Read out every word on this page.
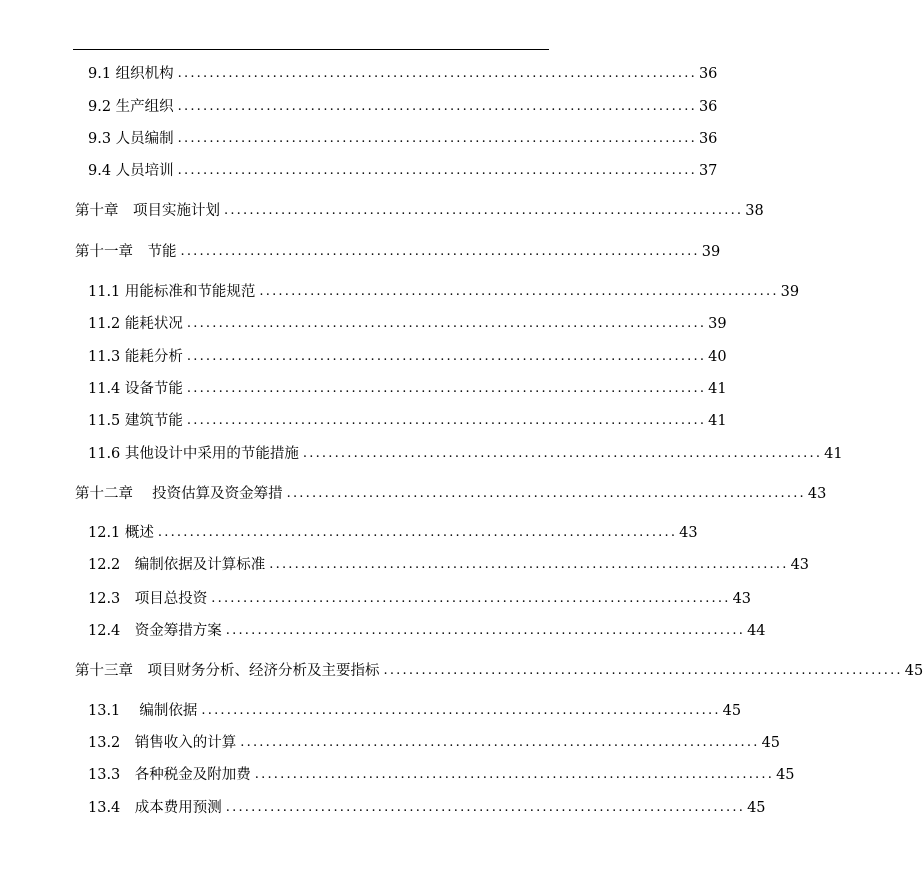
9.1 组织机构 .................................................................................. 36
9.2 生产组织 .................................................................................. 36
9.3 人员编制 .................................................................................. 36
9.4 人员培训 .................................................................................. 37
第十章　项目实施计划 .................................................................................. 38
第十一章　节能 .................................................................................. 39
11.1 用能标准和节能规范 .................................................................................. 39
11.2 能耗状况 .................................................................................. 39
11.3 能耗分析 .................................................................................. 40
11.4 设备节能 .................................................................................. 41
11.5 建筑节能 .................................................................................. 41
11.6 其他设计中采用的节能措施 .................................................................................. 41
第十二章　 投资估算及资金筹措 .................................................................................. 43
12.1 概述 .................................................................................. 43
12.2　编制依据及计算标准 .................................................................................. 43
12.3　项目总投资 .................................................................................. 43
12.4　资金筹措方案 .................................................................................. 44
第十三章　项目财务分析、经济分析及主要指标 .................................................................................. 45
13.1　 编制依据 .................................................................................. 45
13.2　销售收入的计算 .................................................................................. 45
13.3　各种税金及附加费 .................................................................................. 45
13.4　成本费用预测 .................................................................................. 45
